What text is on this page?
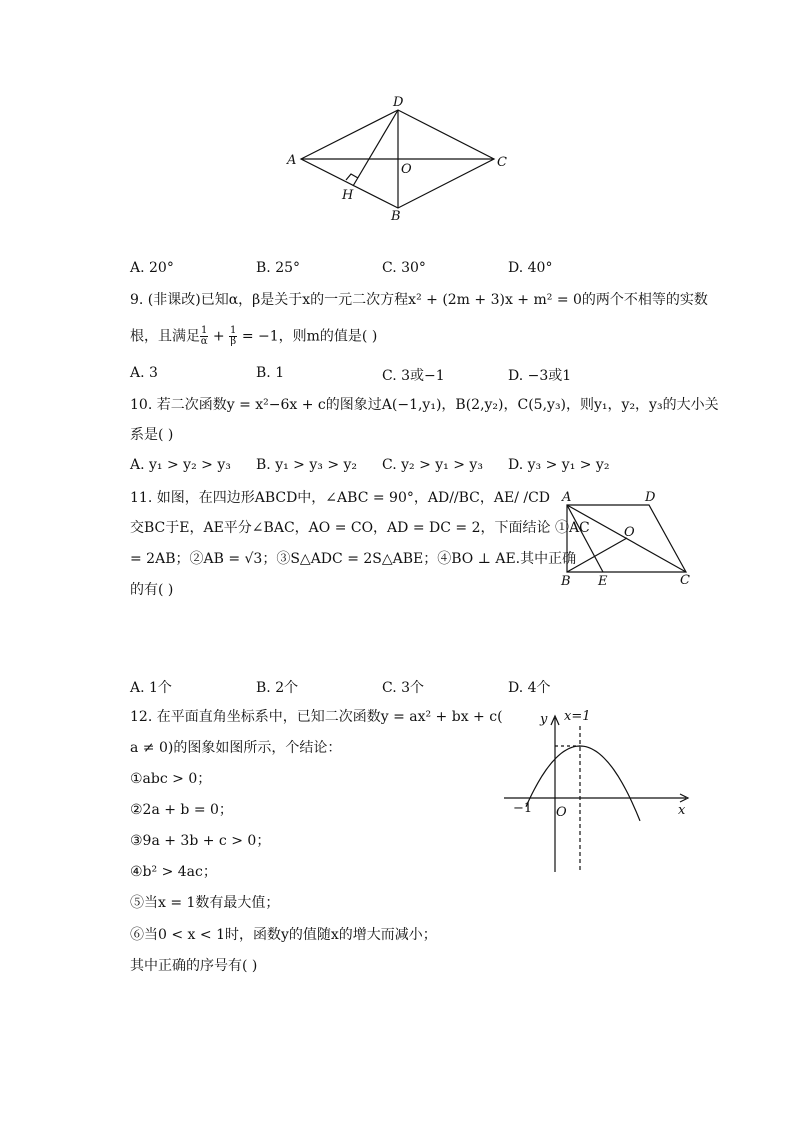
A
D
C
O
H
B
A. 20°	B. 25°	C. 30°	D. 40°
9. (非课改)已知α，β是关于x的一元二次方程x² + (2m + 3)x + m² = 0的两个不相等的实数
根，且满足 $\frac{1}{\alpha} + \frac{1}{\beta} = -1$，则m的值是( )
A. 3	B. 1	C. 3或−1	D. −3或1
10. 若二次函数y = x²−6x + c的图象过A(−1,y₁)，B(2,y₂)，C(5,y₃)，则y₁，y₂，y₃的大小关
系是( )
A. y₁ > y₂ > y₃ B. y₁ > y₃ > y₂ C. y₂ > y₁ > y₃ D. y₃ > y₁ > y₂
11. 如图，在四边形ABCD中，∠ABC = 90°，AD//BC，AE/ /CD
交BC于E，AE平分∠BAC，AO = CO，AD = DC = 2，下面结论 ①AC
= 2AB；②AB = √3；③S△ADC = 2S△ABE；④BO ⊥ AE.其中正确
的有( )
A	D
O
B E	C
A. 1个	B. 2个	C. 3个	D. 4个
12. 在平面直角坐标系中，已知二次函数y = ax² + bx + c(
a ≠ 0)的图象如图所示，个结论：
①abc > 0；
②2a + b = 0；
③9a + 3b + c > 0；
④b² > 4ac；
⑤当x = 1数有最大值；
⑥当0 < x < 1时，函数y的值随x的增大而减小；
其中正确的序号有( )
y x=1
−1 O	x
